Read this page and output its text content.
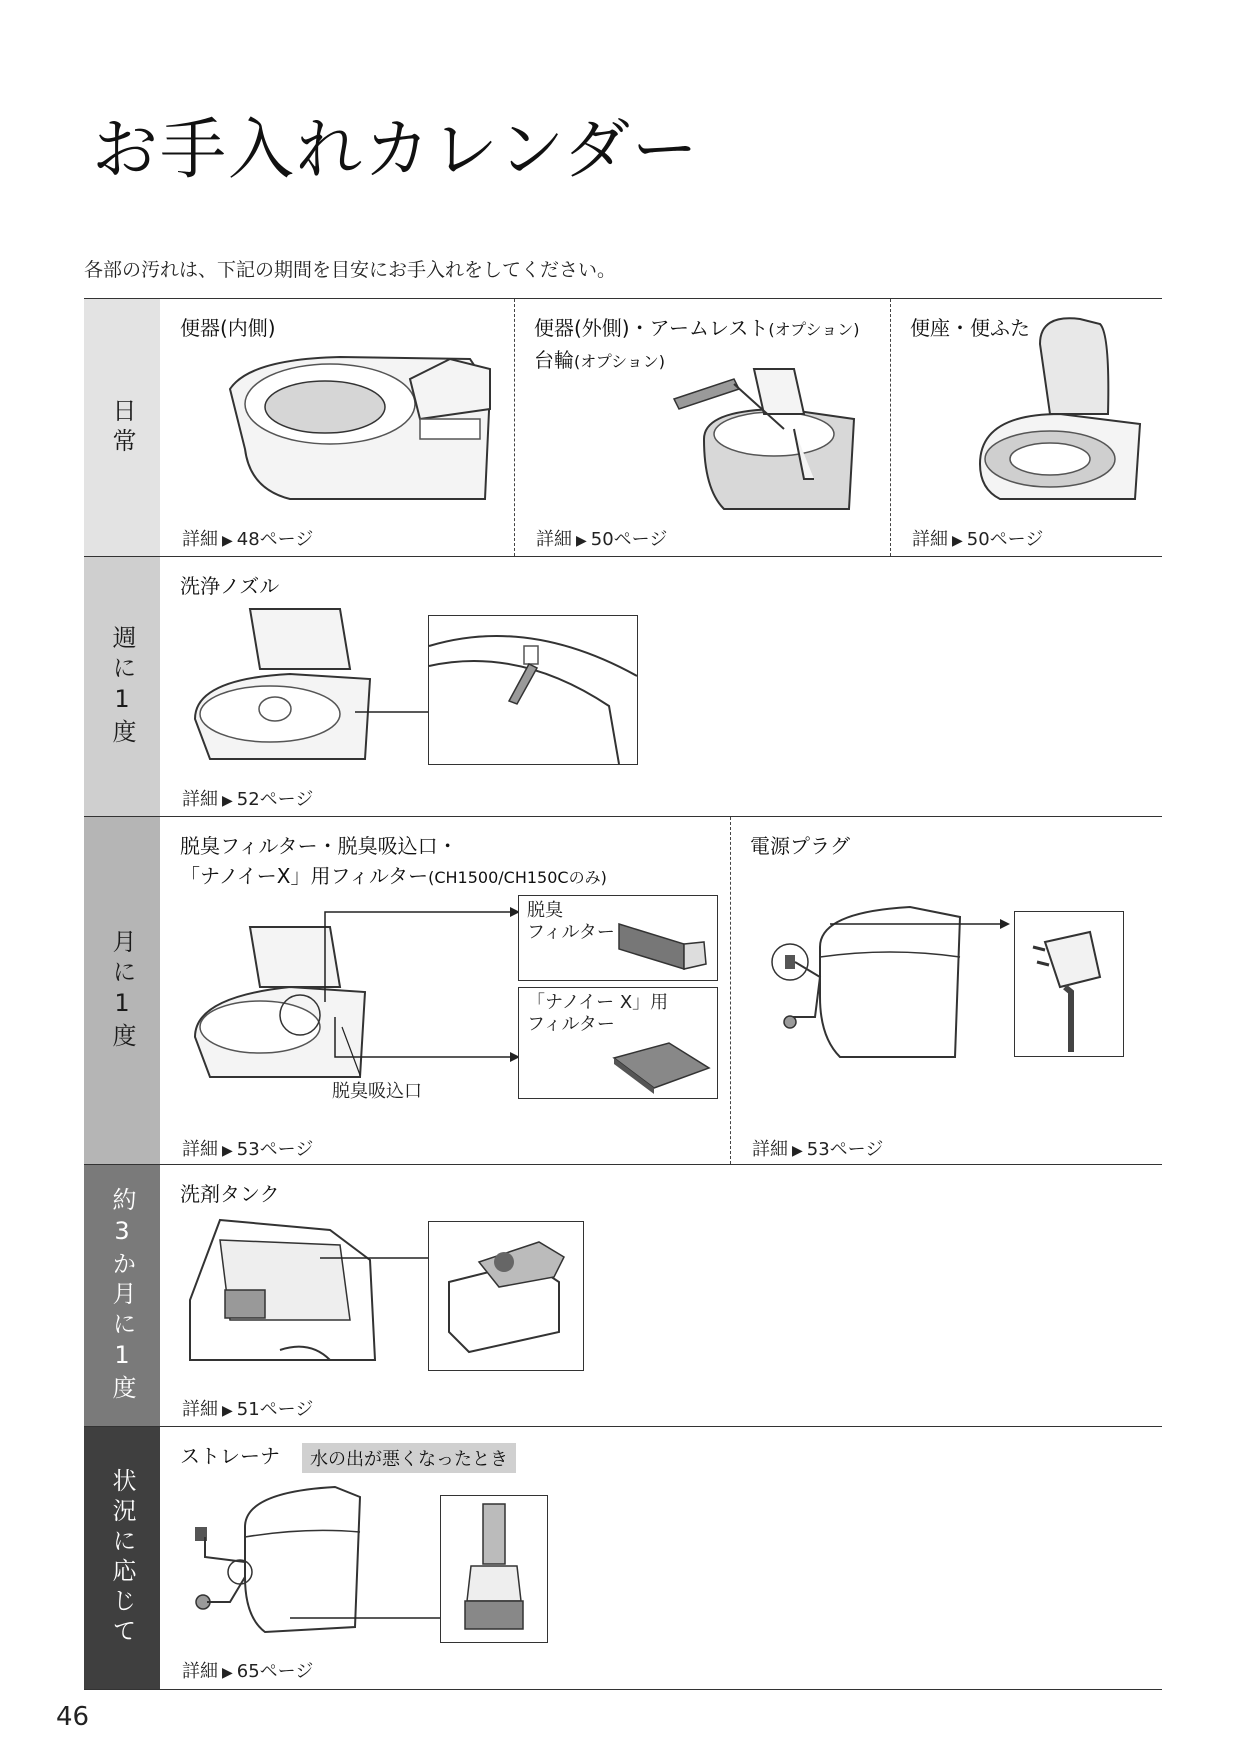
お手入れカレンダー
各部の汚れは、下記の期間を目安にお手入れをしてください。
日常
便器(内側)
詳細 ▶ 48ページ
便器(外側)・アームレスト(オプション)
台輪(オプション)
詳細 ▶ 50ページ
便座・便ふた
詳細 ▶ 50ページ
週に1度
洗浄ノズル
詳細 ▶ 52ページ
月に1度
脱臭フィルター・脱臭吸込口・
「ナノイーX」用フィルター(CH1500/CH150Cのみ)
脱臭
フィルター
「ナノイー X」用
フィルター
脱臭吸込口
詳細 ▶ 53ページ
電源プラグ
詳細 ▶ 53ページ
約3か月に1度 洗剤タンク
詳細 ▶ 51ページ
状況に応じて
ストレーナ	水の出が悪くなったとき
詳細 ▶ 65ページ
46
